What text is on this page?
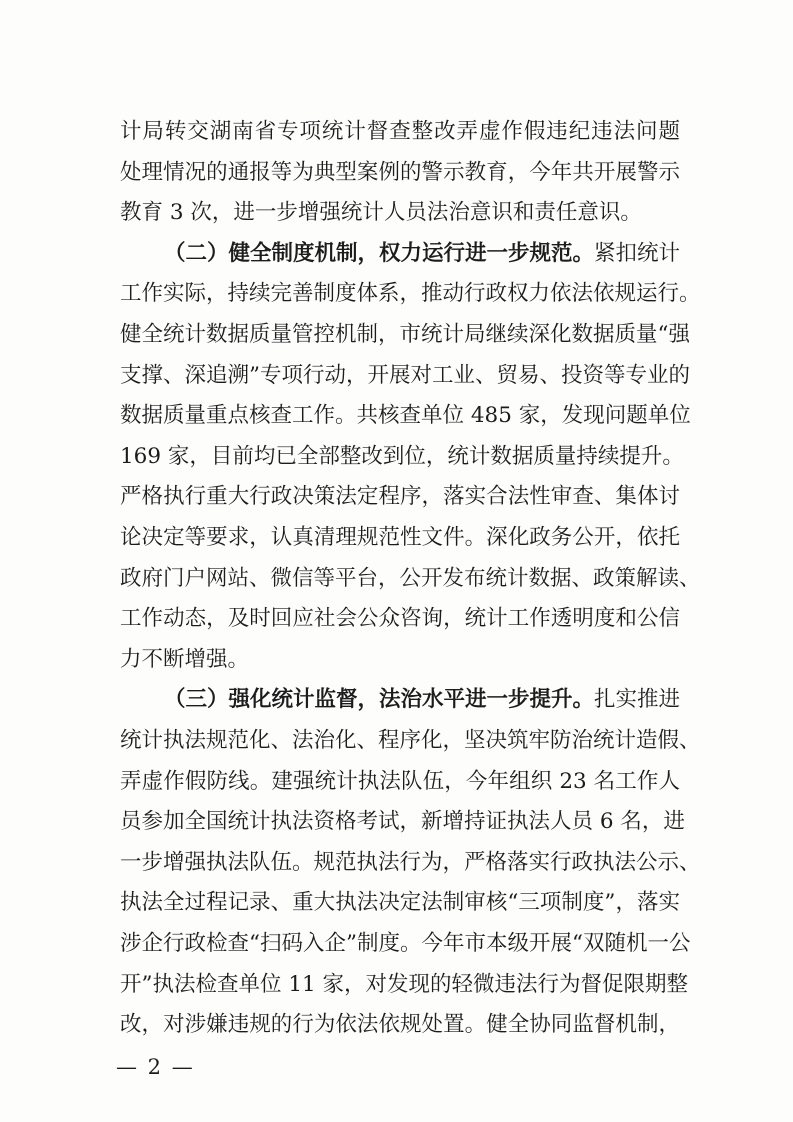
计局转交湖南省专项统计督查整改弄虚作假违纪违法问题
处理情况的通报等为典型案例的警示教育，今年共开展警示
教育 3 次，进一步增强统计人员法治意识和责任意识。
（二）健全制度机制，权力运行进一步规范。紧扣统计
工作实际，持续完善制度体系，推动行政权力依法依规运行。
健全统计数据质量管控机制，市统计局继续深化数据质量“强
支撑、深追溯”专项行动，开展对工业、贸易、投资等专业的
数据质量重点核查工作。共核查单位 485 家，发现问题单位
169 家，目前均已全部整改到位，统计数据质量持续提升。
严格执行重大行政决策法定程序，落实合法性审查、集体讨
论决定等要求，认真清理规范性文件。深化政务公开，依托
政府门户网站、微信等平台，公开发布统计数据、政策解读、
工作动态，及时回应社会公众咨询，统计工作透明度和公信
力不断增强。
（三）强化统计监督，法治水平进一步提升。扎实推进
统计执法规范化、法治化、程序化，坚决筑牢防治统计造假、
弄虚作假防线。建强统计执法队伍，今年组织 23 名工作人
员参加全国统计执法资格考试，新增持证执法人员 6 名，进
一步增强执法队伍。规范执法行为，严格落实行政执法公示、
执法全过程记录、重大执法决定法制审核“三项制度”，落实
涉企行政检查“扫码入企”制度。今年市本级开展“双随机一公
开”执法检查单位 11 家，对发现的轻微违法行为督促限期整
改，对涉嫌违规的行为依法依规处置。健全协同监督机制，
— 2 —
